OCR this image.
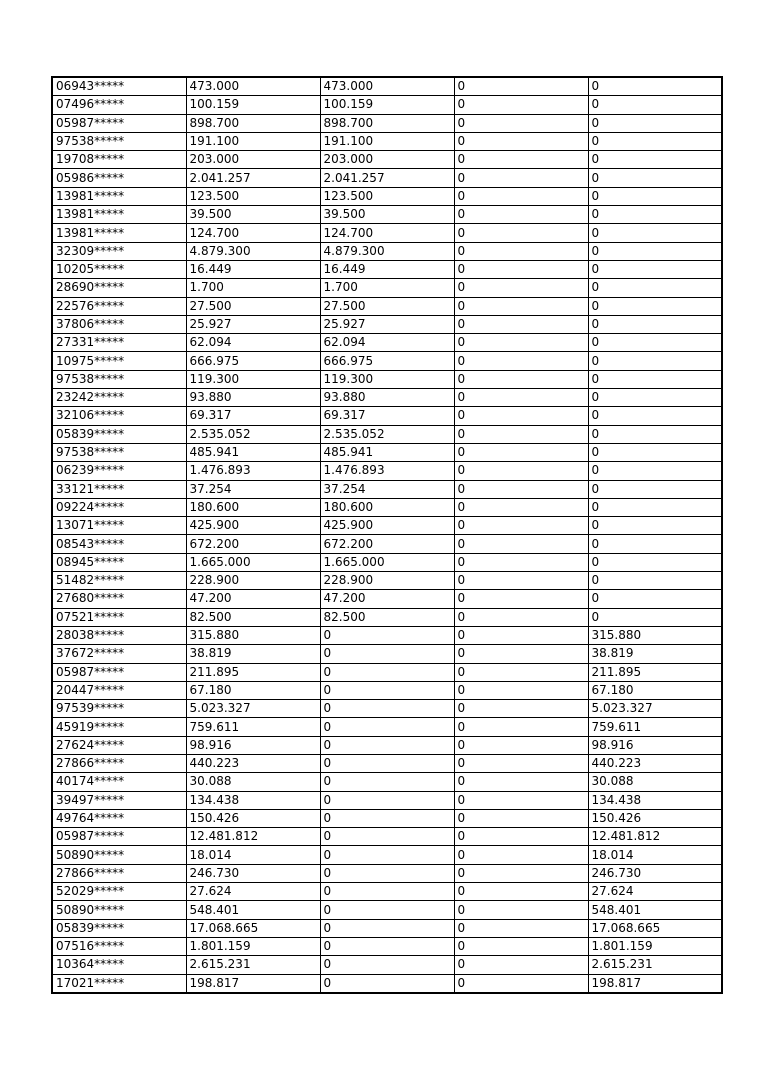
06943*****	473.000	473.000	0	0
07496*****	100.159	100.159	0	0
05987*****	898.700	898.700	0	0
97538*****	191.100	191.100	0	0
19708*****	203.000	203.000	0	0
05986*****	2.041.257	2.041.257	0	0
13981*****	123.500	123.500	0	0
13981*****	39.500	39.500	0	0
13981*****	124.700	124.700	0	0
32309*****	4.879.300	4.879.300	0	0
10205*****	16.449	16.449	0	0
28690*****	1.700	1.700	0	0
22576*****	27.500	27.500	0	0
37806*****	25.927	25.927	0	0
27331*****	62.094	62.094	0	0
10975*****	666.975	666.975	0	0
97538*****	119.300	119.300	0	0
23242*****	93.880	93.880	0	0
32106*****	69.317	69.317	0	0
05839*****	2.535.052	2.535.052	0	0
97538*****	485.941	485.941	0	0
06239*****	1.476.893	1.476.893	0	0
33121*****	37.254	37.254	0	0
09224*****	180.600	180.600	0	0
13071*****	425.900	425.900	0	0
08543*****	672.200	672.200	0	0
08945*****	1.665.000	1.665.000	0	0
51482*****	228.900	228.900	0	0
27680*****	47.200	47.200	0	0
07521*****	82.500	82.500	0	0
28038*****	315.880	0	0	315.880
37672*****	38.819	0	0	38.819
05987*****	211.895	0	0	211.895
20447*****	67.180	0	0	67.180
97539*****	5.023.327	0	0	5.023.327
45919*****	759.611	0	0	759.611
27624*****	98.916	0	0	98.916
27866*****	440.223	0	0	440.223
40174*****	30.088	0	0	30.088
39497*****	134.438	0	0	134.438
49764*****	150.426	0	0	150.426
05987*****	12.481.812	0	0	12.481.812
50890*****	18.014	0	0	18.014
27866*****	246.730	0	0	246.730
52029*****	27.624	0	0	27.624
50890*****	548.401	0	0	548.401
05839*****	17.068.665	0	0	17.068.665
07516*****	1.801.159	0	0	1.801.159
10364*****	2.615.231	0	0	2.615.231
17021*****	198.817	0	0	198.817
